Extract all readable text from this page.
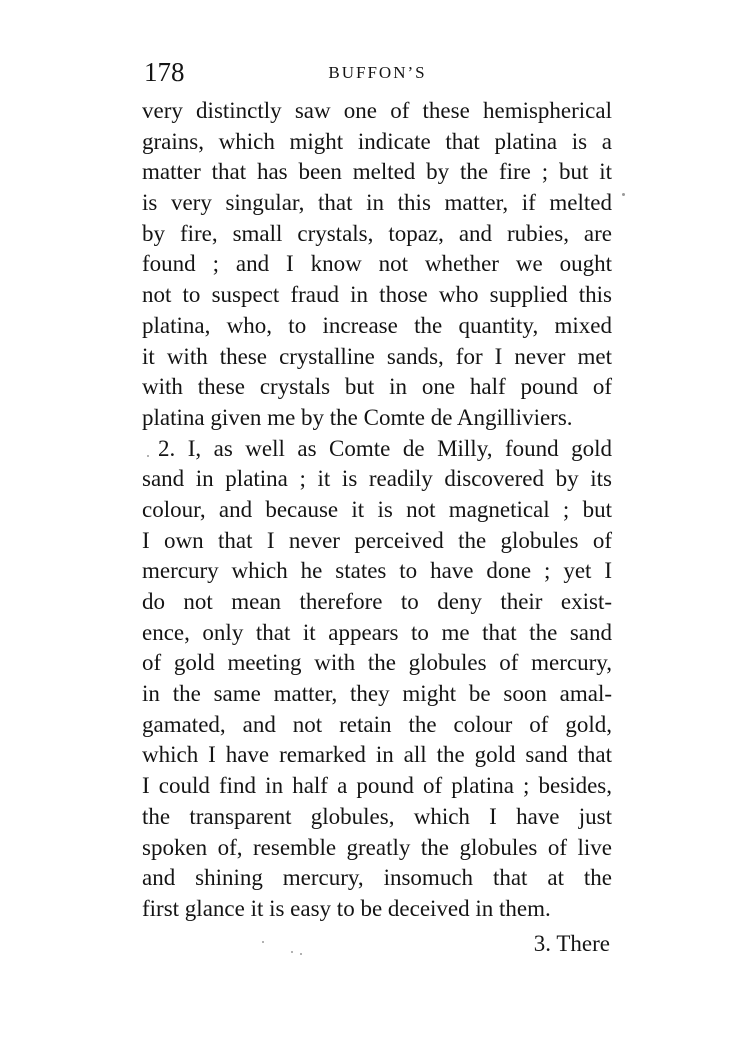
178	BUFFON’S
very distinctly saw one of these hemispherical
grains, which might indicate that platina is a
matter that has been melted by the fire ; but it
is very singular, that in this matter, if melted
by fire, small crystals, topaz, and rubies, are
found ; and I know not whether we ought
not to suspect fraud in those who supplied this
platina, who, to increase the quantity, mixed
it with these crystalline sands, for I never met
with these crystals but in one half pound of
platina given me by the Comte de Angilliviers.
2. I, as well as Comte de Milly, found gold
sand in platina ; it is readily discovered by its
colour, and because it is not magnetical ; but
I own that I never perceived the globules of
mercury which he states to have done ; yet I
do not mean therefore to deny their exist-
ence, only that it appears to me that the sand
of gold meeting with the globules of mercury,
in the same matter, they might be soon amal-
gamated, and not retain the colour of gold,
which I have remarked in all the gold sand that
I could find in half a pound of platina ; besides,
the transparent globules, which I have just
spoken of, resemble greatly the globules of live
and shining mercury, insomuch that at the
first glance it is easy to be deceived in them.
3. There
